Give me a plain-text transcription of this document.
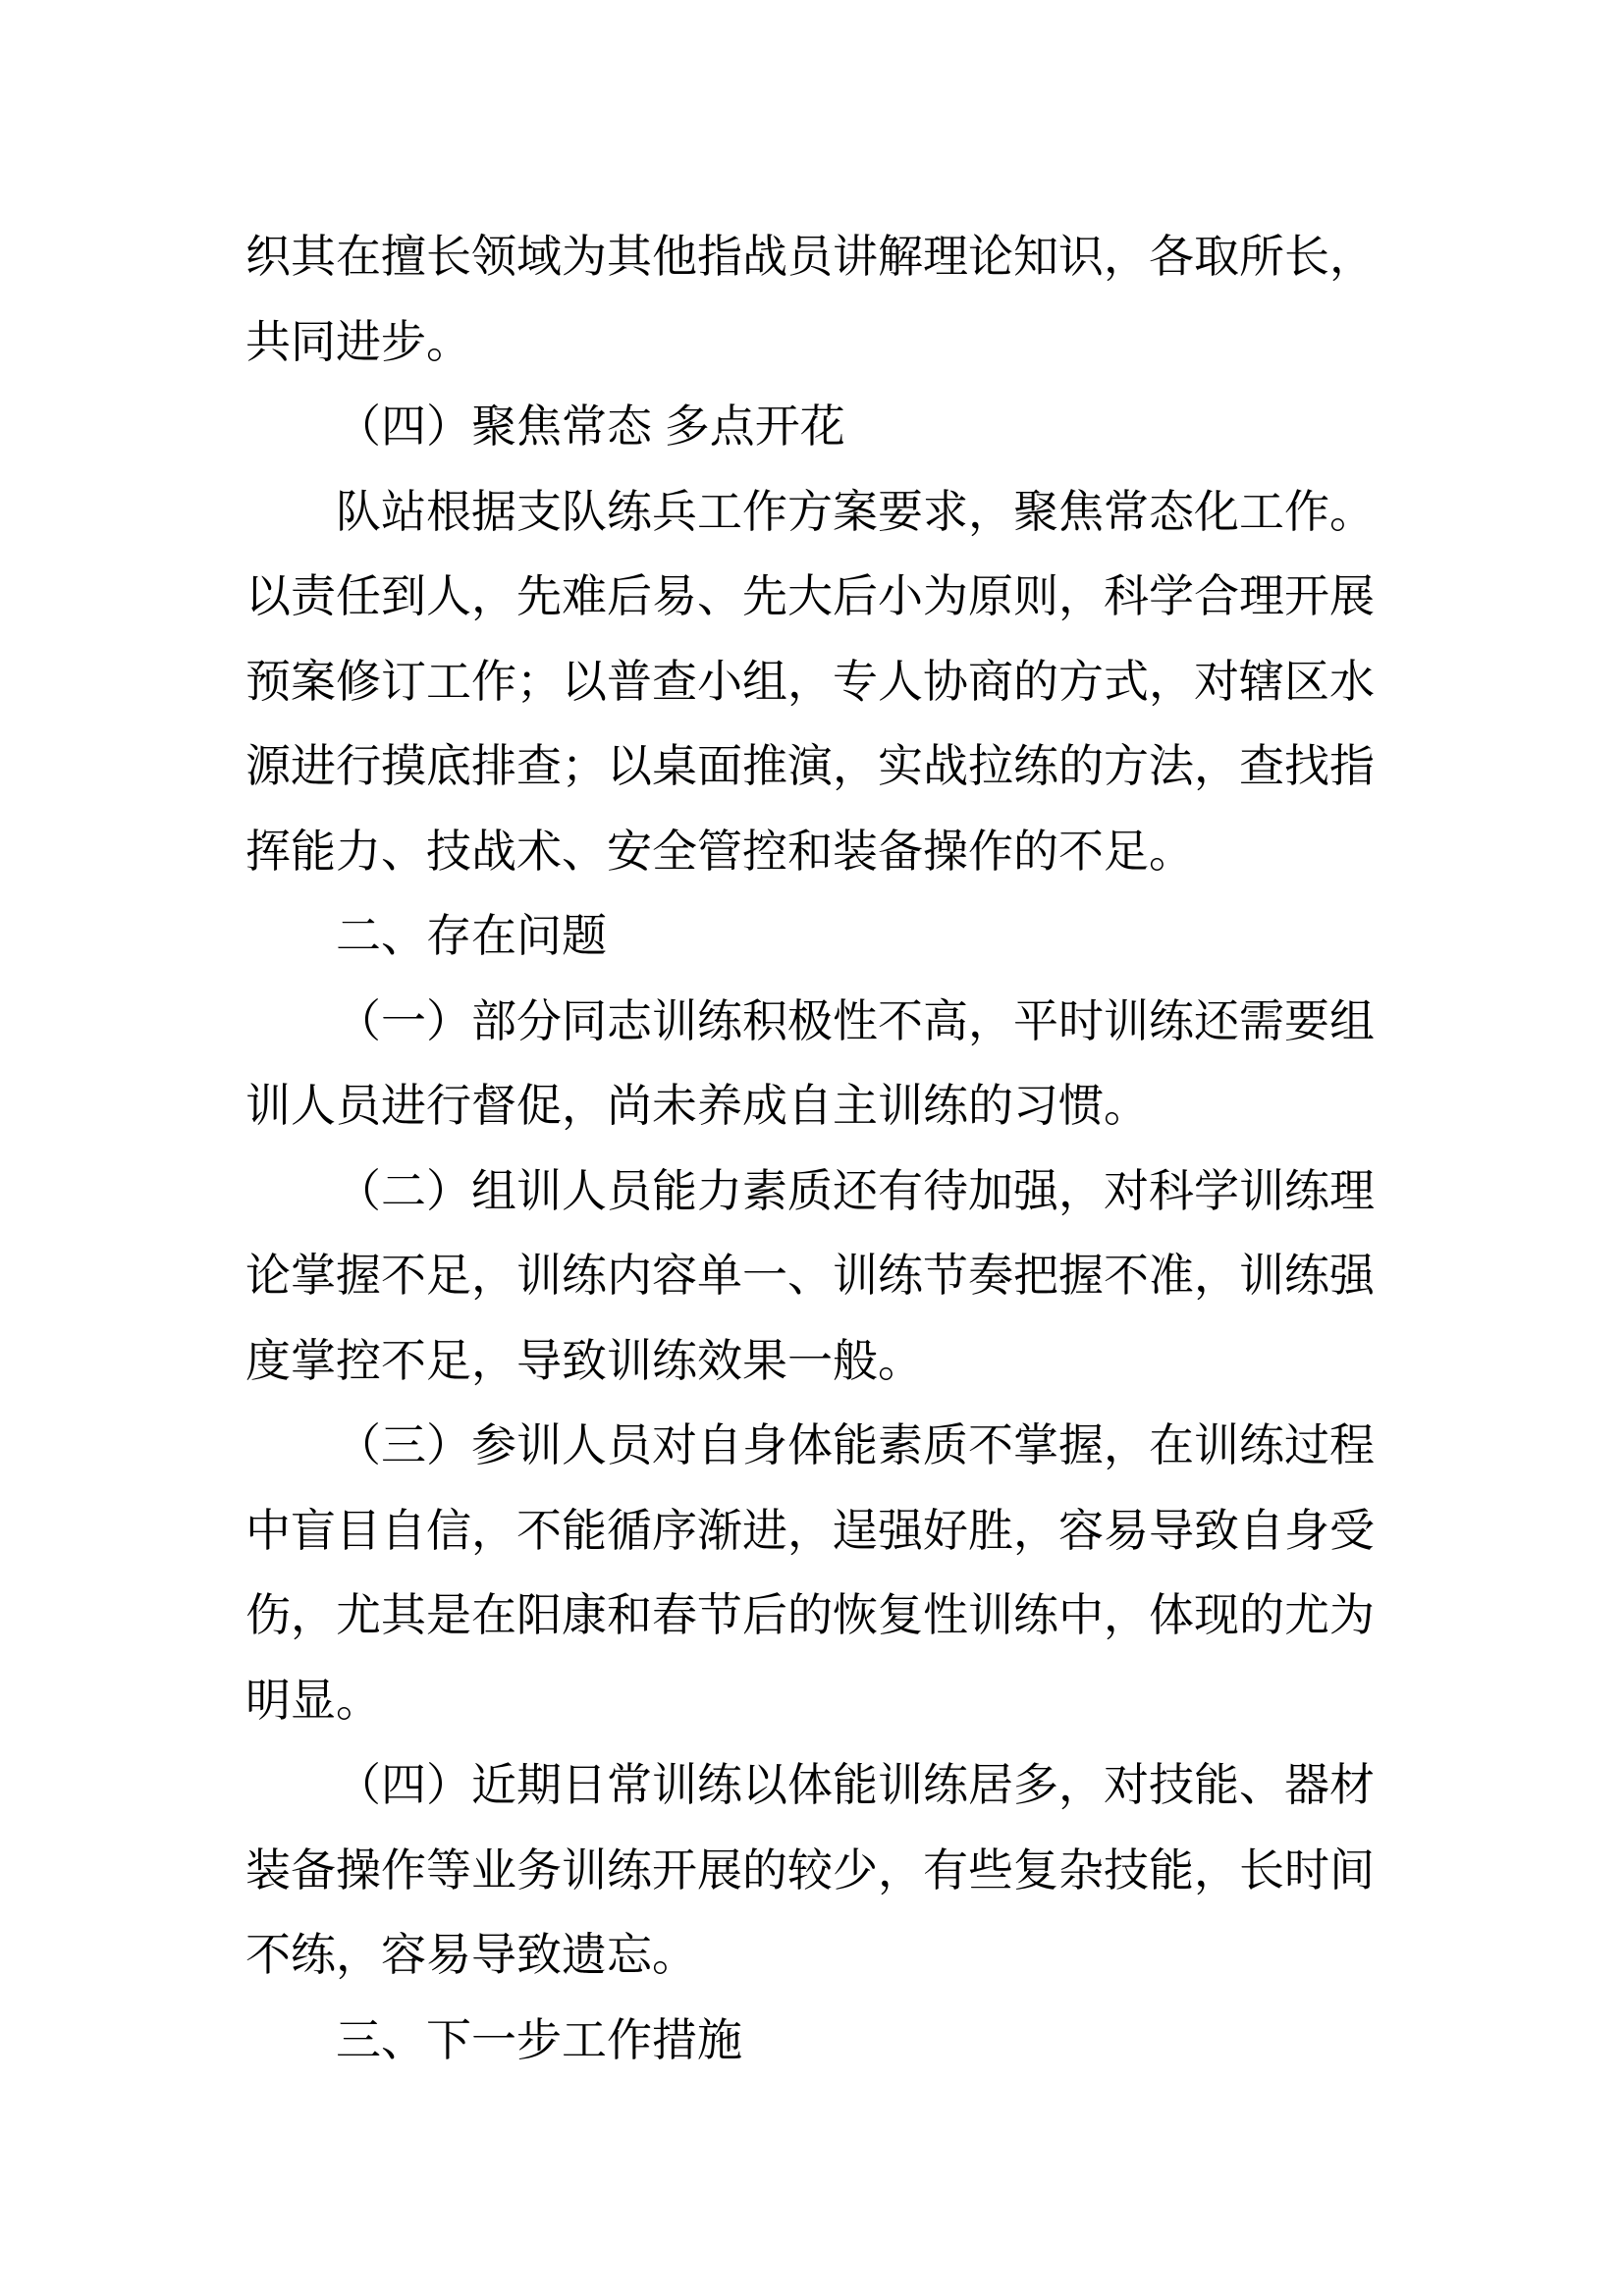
织其在擅长领域为其他指战员讲解理论知识，各取所长，
共同进步。
（四）聚焦常态 多点开花
队站根据支队练兵工作方案要求，聚焦常态化工作。
以责任到人，先难后易、先大后小为原则，科学合理开展
预案修订工作；以普查小组，专人协商的方式，对辖区水
源进行摸底排查；以桌面推演，实战拉练的方法，查找指
挥能力、技战术、安全管控和装备操作的不足。
二、存在问题
（一）部分同志训练积极性不高，平时训练还需要组
训人员进行督促，尚未养成自主训练的习惯。
（二）组训人员能力素质还有待加强，对科学训练理
论掌握不足，训练内容单一、训练节奏把握不准，训练强
度掌控不足，导致训练效果一般。
（三）参训人员对自身体能素质不掌握，在训练过程
中盲目自信，不能循序渐进，逞强好胜，容易导致自身受
伤，尤其是在阳康和春节后的恢复性训练中，体现的尤为
明显。
（四）近期日常训练以体能训练居多，对技能、器材
装备操作等业务训练开展的较少，有些复杂技能，长时间
不练，容易导致遗忘。
三、下一步工作措施
